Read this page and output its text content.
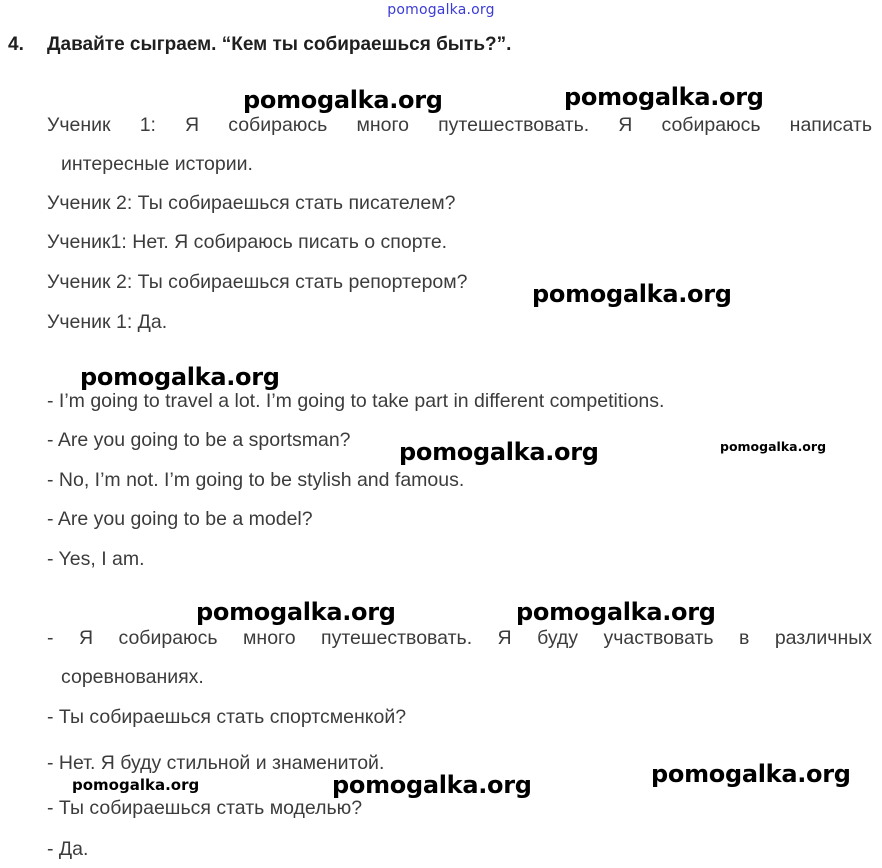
pomogalka.org
4. Давайте сыграем. “Кем ты собираешься быть?”.
Ученик 1: Я собираюсь много путешествовать. Я собираюсь написать
интересные истории.
Ученик 2: Ты собираешься стать писателем?
Ученик1: Нет. Я собираюсь писать о спорте.
Ученик 2: Ты собираешься стать репортером?
Ученик 1: Да.
- I’m going to travel a lot. I’m going to take part in different competitions.
- Are you going to be a sportsman?
- No, I’m not. I’m going to be stylish and famous.
- Are you going to be a model?
- Yes, I am.
- Я собираюсь много путешествовать. Я буду участвовать в различных
соревнованиях.
- Ты собираешься стать спортсменкой?
- Нет. Я буду стильной и знаменитой.
- Ты собираешься стать моделью?
- Да.
pomogalka.org	pomogalka.org
pomogalka.org
pomogalka.org
pomogalka.org	pomogalka.org
pomogalka.org	pomogalka.org
pomogalka.org
pomogalka.org	pomogalka.org
